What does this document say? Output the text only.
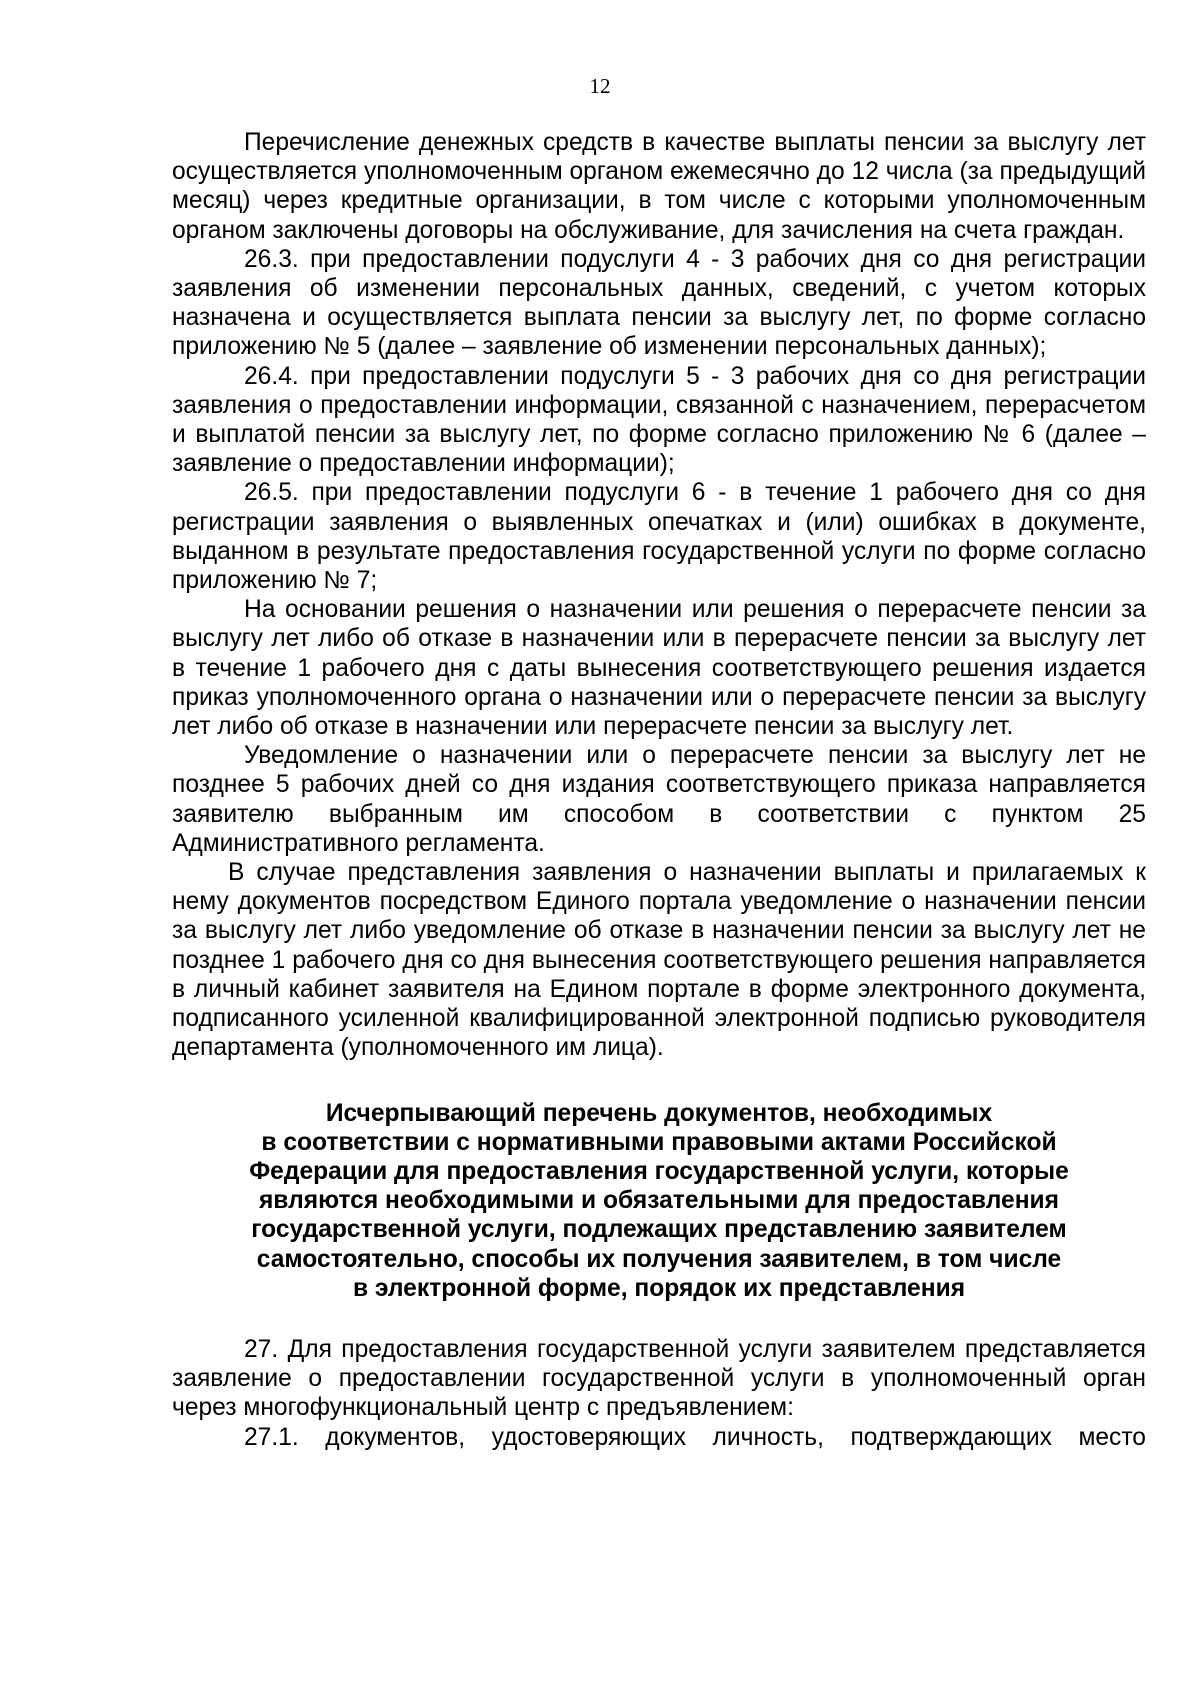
12

Перечисление денежных средств в качестве выплаты пенсии за выслугу лет осуществляется уполномоченным органом ежемесячно до 12 числа (за предыдущий месяц) через кредитные организации, в том числе с которыми уполномоченным органом заключены договоры на обслуживание, для зачисления на счета граждан.

26.3. при предоставлении подуслуги 4 - 3 рабочих дня со дня регистрации заявления об изменении персональных данных, сведений, с учетом которых назначена и осуществляется выплата пенсии за выслугу лет, по форме согласно приложению № 5 (далее – заявление об изменении персональных данных);

26.4. при предоставлении подуслуги 5 - 3 рабочих дня со дня регистрации заявления о предоставлении информации, связанной с назначением, перерасчетом и выплатой пенсии за выслугу лет, по форме согласно приложению № 6 (далее – заявление о предоставлении информации);

26.5. при предоставлении подуслуги 6 - в течение 1 рабочего дня со дня регистрации заявления о выявленных опечатках и (или) ошибках в документе, выданном в результате предоставления государственной услуги по форме согласно приложению № 7;

На основании решения о назначении или решения о перерасчете пенсии за выслугу лет либо об отказе в назначении или в перерасчете пенсии за выслугу лет в течение 1 рабочего дня с даты вынесения соответствующего решения издается приказ уполномоченного органа о назначении или о перерасчете пенсии за выслугу лет либо об отказе в назначении или перерасчете пенсии за выслугу лет.

Уведомление о назначении или о перерасчете пенсии за выслугу лет не позднее 5 рабочих дней со дня издания соответствующего приказа направляется заявителю выбранным им способом в соответствии с пунктом 25 Административного регламента.

В случае представления заявления о назначении выплаты и прилагаемых к нему документов посредством Единого портала уведомление о назначении пенсии за выслугу лет либо уведомление об отказе в назначении пенсии за выслугу лет не позднее 1 рабочего дня со дня вынесения соответствующего решения направляется в личный кабинет заявителя на Едином портале в форме электронного документа, подписанного усиленной квалифицированной электронной подписью руководителя департамента (уполномоченного им лица).

Исчерпывающий перечень документов, необходимых
в соответствии с нормативными правовыми актами Российской
Федерации для предоставления государственной услуги, которые
являются необходимыми и обязательными для предоставления
государственной услуги, подлежащих представлению заявителем
самостоятельно, способы их получения заявителем, в том числе
в электронной форме, порядок их представления

27. Для предоставления государственной услуги заявителем представляется заявление о предоставлении государственной услуги в уполномоченный орган через многофункциональный центр с предъявлением:

27.1. документов, удостоверяющих личность, подтверждающих место
